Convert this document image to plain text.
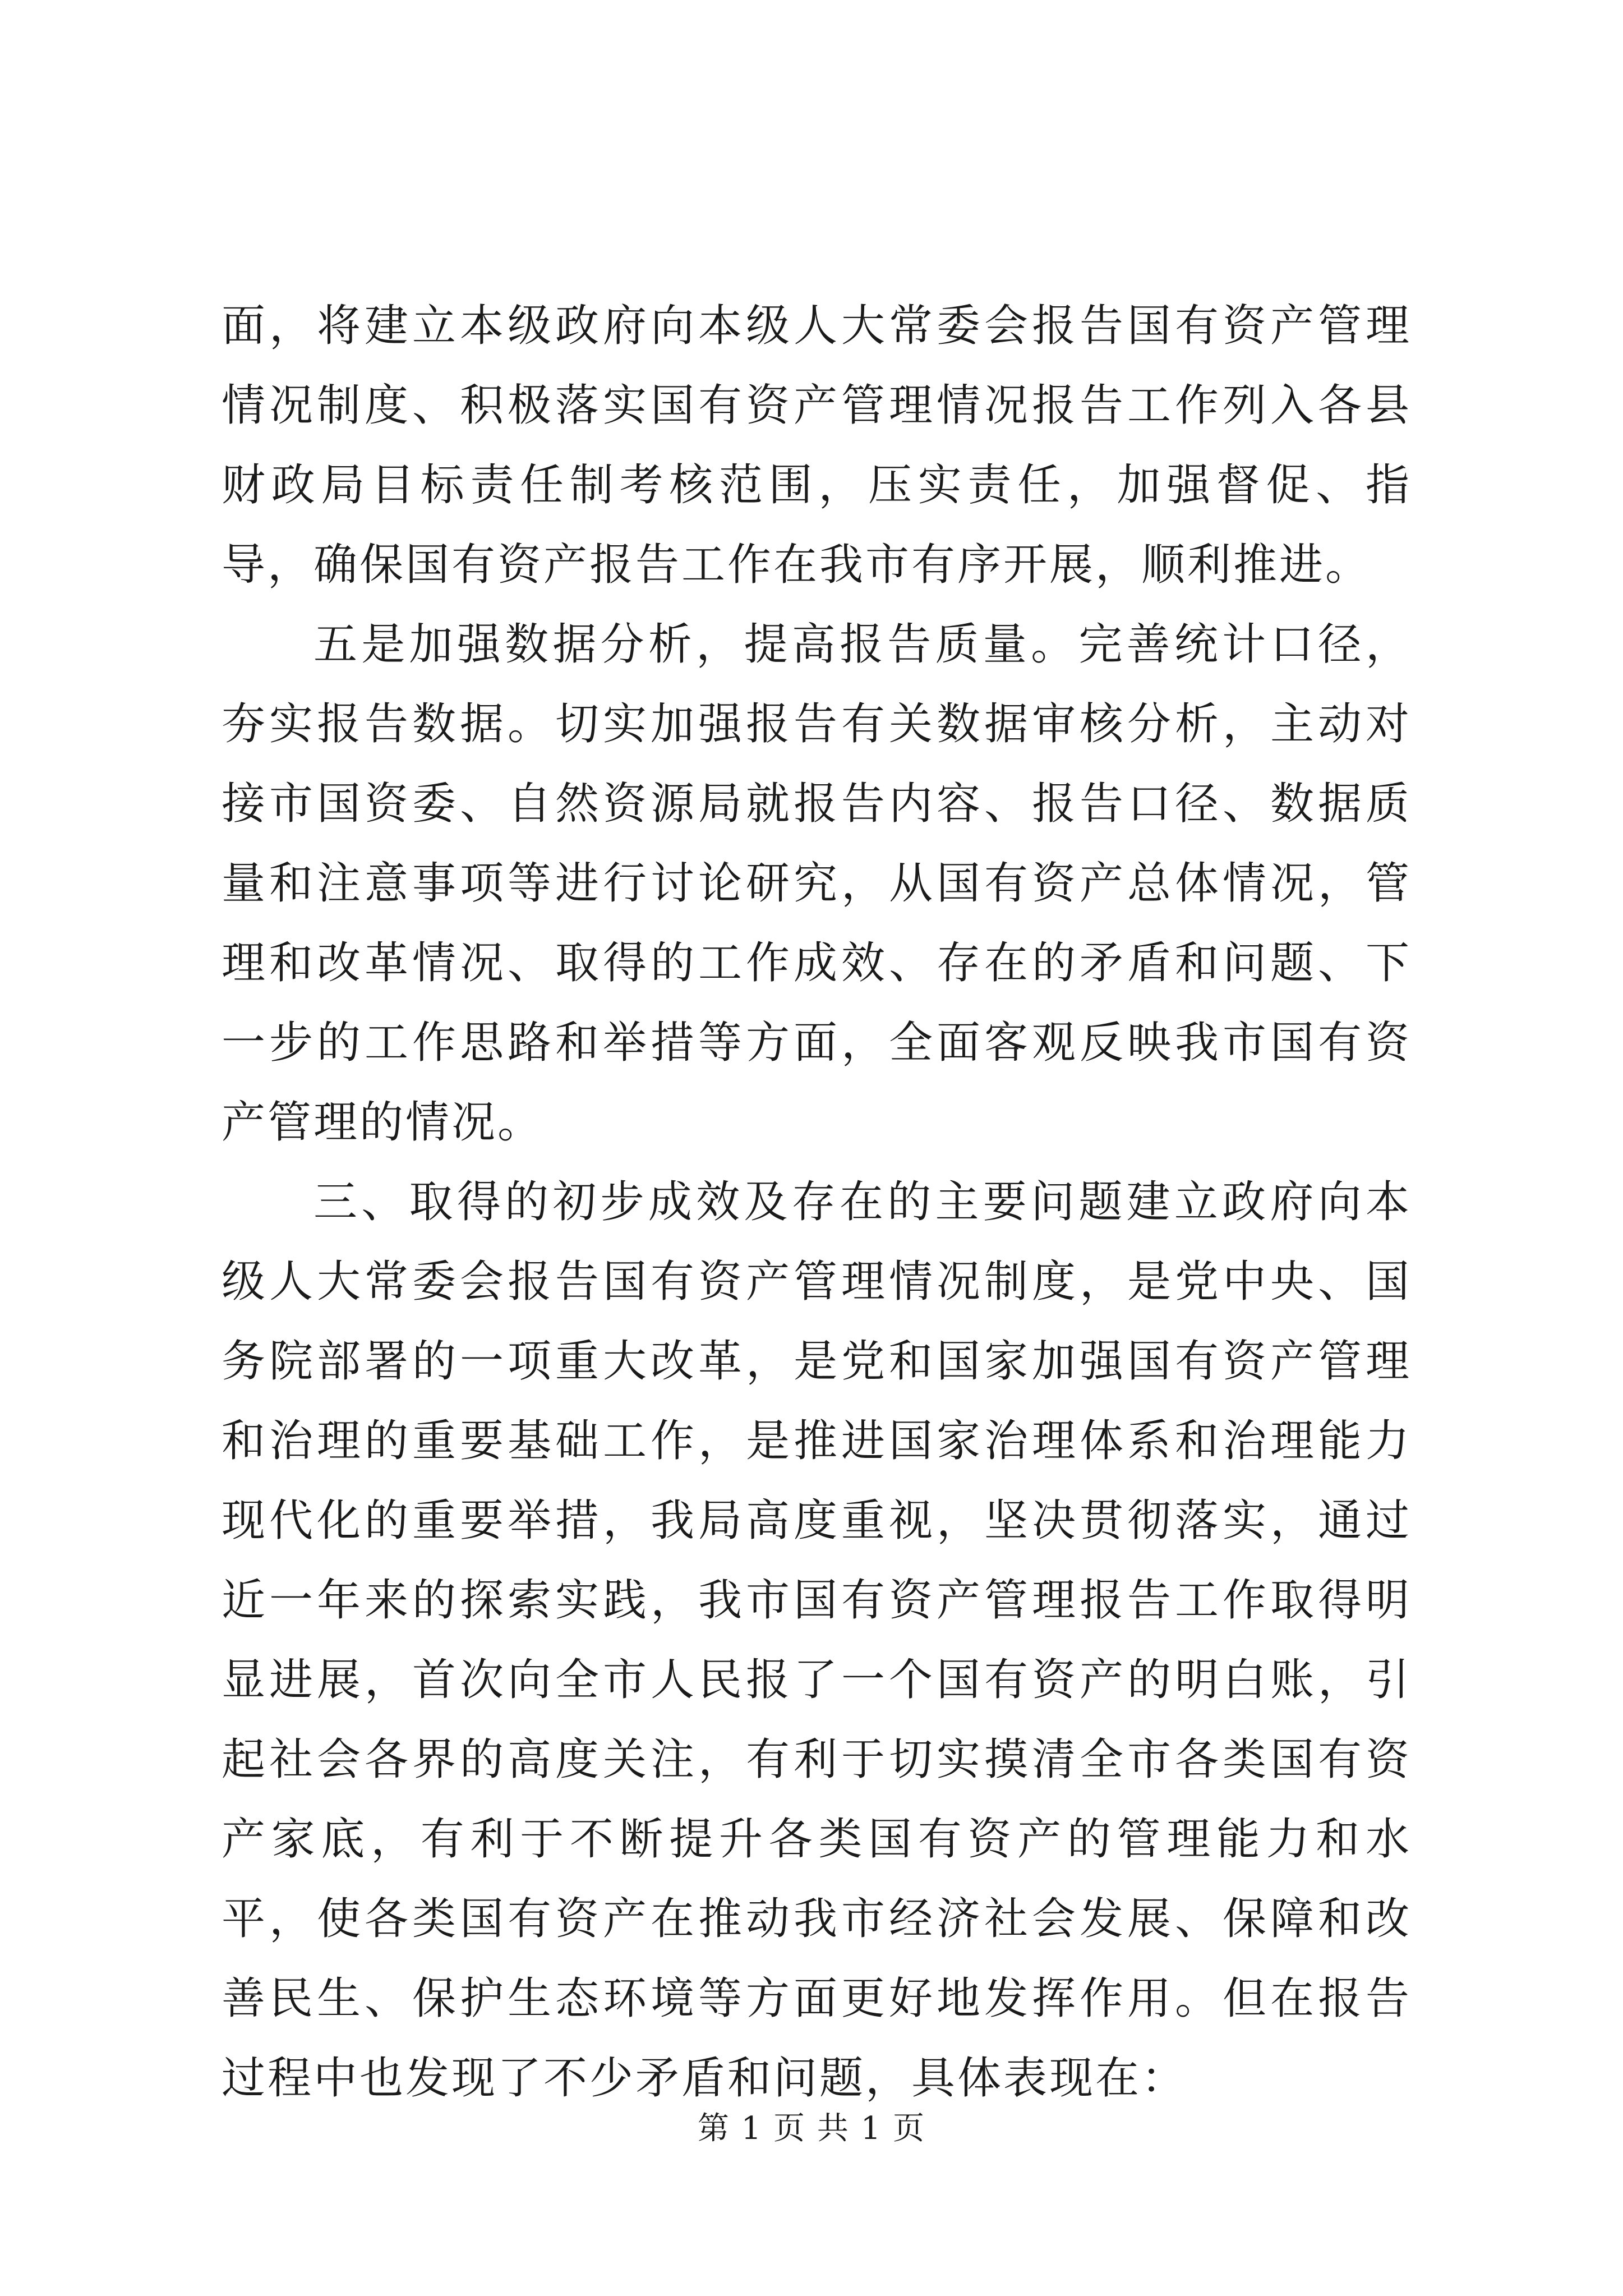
面，将建立本级政府向本级人大常委会报告国有资产管理情况制度、积极落实国有资产管理情况报告工作列入各县财政局目标责任制考核范围，压实责任，加强督促、指导，确保国有资产报告工作在我市有序开展，顺利推进。

五是加强数据分析，提高报告质量。完善统计口径，夯实报告数据。切实加强报告有关数据审核分析，主动对接市国资委、自然资源局就报告内容、报告口径、数据质量和注意事项等进行讨论研究，从国有资产总体情况，管理和改革情况、取得的工作成效、存在的矛盾和问题、下一步的工作思路和举措等方面，全面客观反映我市国有资产管理的情况。

三、取得的初步成效及存在的主要问题建立政府向本级人大常委会报告国有资产管理情况制度，是党中央、国务院部署的一项重大改革，是党和国家加强国有资产管理和治理的重要基础工作，是推进国家治理体系和治理能力现代化的重要举措，我局高度重视，坚决贯彻落实，通过近一年来的探索实践，我市国有资产管理报告工作取得明显进展，首次向全市人民报了一个国有资产的明白账，引起社会各界的高度关注，有利于切实摸清全市各类国有资产家底，有利于不断提升各类国有资产的管理能力和水平，使各类国有资产在推动我市经济社会发展、保障和改善民生、保护生态环境等方面更好地发挥作用。但在报告过程中也发现了不少矛盾和问题，具体表现在：

第 1 页 共 1 页
